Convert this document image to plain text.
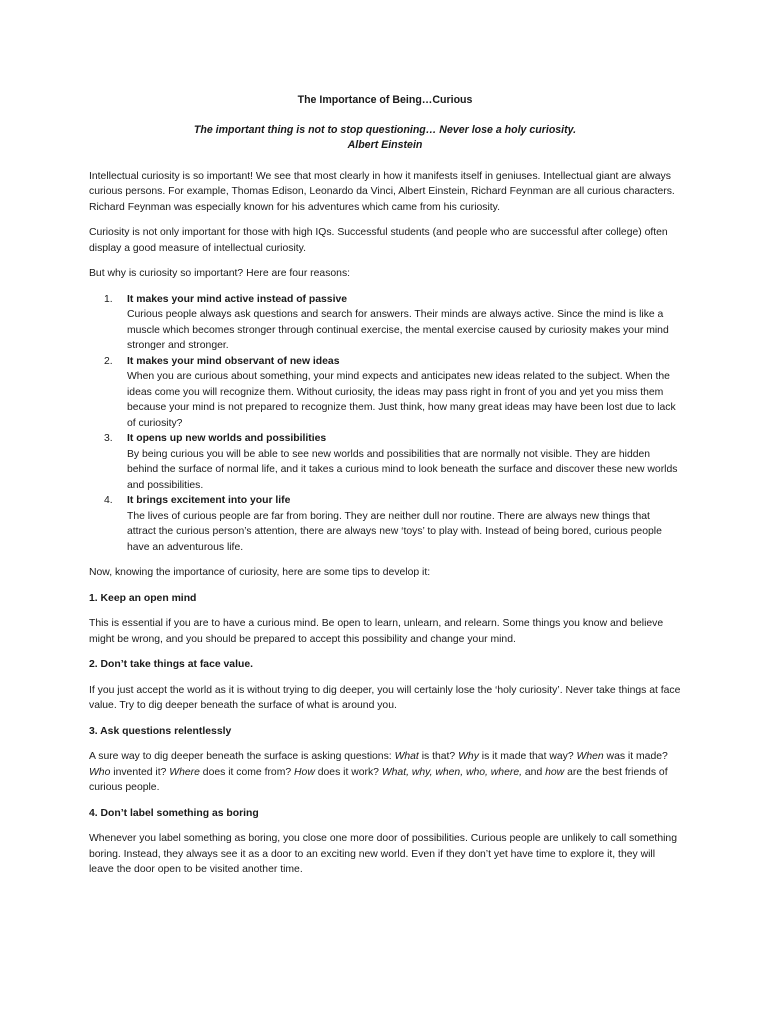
The Importance of Being…Curious
The important thing is not to stop questioning… Never lose a holy curiosity.
Albert Einstein

Intellectual curiosity is so important! We see that most clearly in how it manifests itself in geniuses. Intellectual giant are always curious persons. For example, Thomas Edison, Leonardo da Vinci, Albert Einstein, Richard Feynman are all curious characters. Richard Feynman was especially known for his adventures which came from his curiosity.

Curiosity is not only important for those with high IQs. Successful students (and people who are successful after college) often display a good measure of intellectual curiosity.

But why is curiosity so important? Here are four reasons:

1. It makes your mind active instead of passive
Curious people always ask questions and search for answers. Their minds are always active. Since the mind is like a muscle which becomes stronger through continual exercise, the mental exercise caused by curiosity makes your mind stronger and stronger.
2. It makes your mind observant of new ideas
When you are curious about something, your mind expects and anticipates new ideas related to the subject. When the ideas come you will recognize them. Without curiosity, the ideas may pass right in front of you and yet you miss them because your mind is not prepared to recognize them. Just think, how many great ideas may have been lost due to lack of curiosity?
3. It opens up new worlds and possibilities
By being curious you will be able to see new worlds and possibilities that are normally not visible. They are hidden behind the surface of normal life, and it takes a curious mind to look beneath the surface and discover these new worlds and possibilities.
4. It brings excitement into your life
The lives of curious people are far from boring. They are neither dull nor routine. There are always new things that attract the curious person’s attention, there are always new ‘toys’ to play with. Instead of being bored, curious people have an adventurous life.

Now, knowing the importance of curiosity, here are some tips to develop it:

1. Keep an open mind

This is essential if you are to have a curious mind. Be open to learn, unlearn, and relearn. Some things you know and believe might be wrong, and you should be prepared to accept this possibility and change your mind.

2. Don’t take things at face value.

If you just accept the world as it is without trying to dig deeper, you will certainly lose the ‘holy curiosity’. Never take things at face value. Try to dig deeper beneath the surface of what is around you.

3. Ask questions relentlessly

A sure way to dig deeper beneath the surface is asking questions: What is that? Why is it made that way? When was it made? Who invented it? Where does it come from? How does it work? What, why, when, who, where, and how are the best friends of curious people.

4. Don’t label something as boring

Whenever you label something as boring, you close one more door of possibilities. Curious people are unlikely to call something boring. Instead, they always see it as a door to an exciting new world. Even if they don’t yet have time to explore it, they will leave the door open to be visited another time.
